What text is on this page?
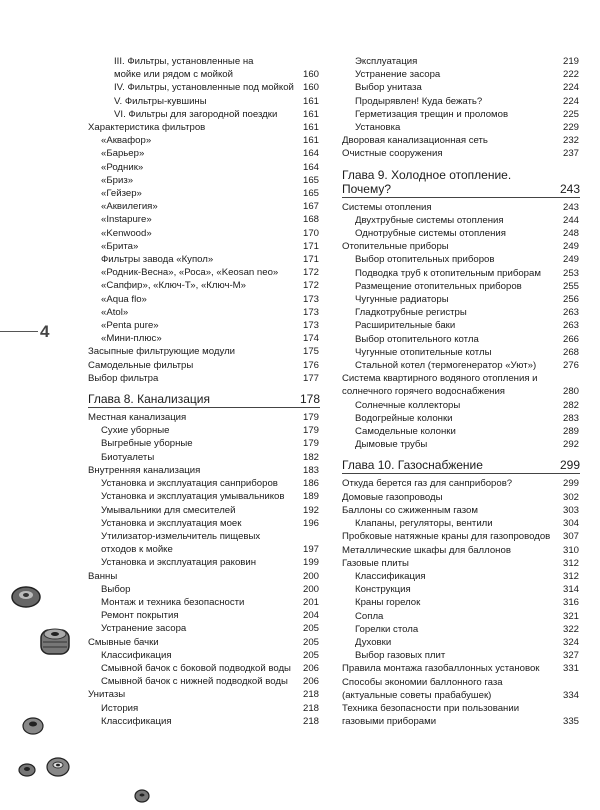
4
III. Фильтры, установленные на мойке или рядом с мойкой	160
IV. Фильтры, установленные под мойкой 160
V. Фильтры-кувшины	161
VI. Фильтры для загородной поездки	161
Характеристика фильтров	161
«Аквафор»	161
«Барьер»	164
«Родник»	164
«Бриз»	165
«Гейзер»	165
«Аквилегия»	167
«Instapure»	168
«Kenwood»	170
«Брита»	171
Фильтры завода «Купол»	171
«Родник-Весна», «Роса», «Keosan neo»	172
«Сапфир», «Ключ-Т», «Ключ-М»	172
«Aqua flo»	173
«Atol»	173
«Penta pure»	173
«Мини-плюс»	174
Засыпные фильтрующие модули	175
Самодельные фильтры	176
Выбор фильтра	177
Глава 8. Канализация	178
Местная канализация	179
Сухие уборные	179
Выгребные уборные	179
Биотуалеты	182
Внутренняя канализация	183
Установка и эксплуатация санприборов	186
Установка и эксплуатация умывальников	189
Умывальники для смесителей	192
Установка и эксплуатация моек	196
Утилизатор-измельчитель пищевых отходов к мойке	197
Установка и эксплуатация раковин	199
Ванны	200
Выбор	200
Монтаж и техника безопасности	201
Ремонт покрытия	204
Устранение засора	205
Смывные бачки	205
Классификация	205
Смывной бачок с боковой подводкой воды	206
Смывной бачок с нижней подводкой воды	206
Унитазы	218
История	218
Классификация	218
Эксплуатация	219
Устранение засора	222
Выбор унитаза	224
Продырявлен! Куда бежать?	224
Герметизация трещин и проломов	225
Установка	229
Дворовая канализационная сеть	232
Очистные сооружения	237
Глава 9. Холодное отопление. Почему?	243
Системы отопления	243
Двухтрубные системы отопления	244
Однотрубные системы отопления	248
Отопительные приборы	249
Выбор отопительных приборов	249
Подводка труб к отопительным приборам	253
Размещение отопительных приборов	255
Чугунные радиаторы	256
Гладкотрубные регистры	263
Расширительные баки	263
Выбор отопительного котла	266
Чугунные отопительные котлы	268
Стальной котел (термогенератор «Уют»)	276
Система квартирного водяного отопления и солнечного горячего водоснабжения	280
Солнечные коллекторы	282
Водогрейные колонки	283
Самодельные колонки	289
Дымовые трубы	292
Глава 10. Газоснабжение	299
Откуда берется газ для санприборов?	299
Домовые газопроводы	302
Баллоны со сжиженным газом	303
Клапаны, регуляторы, вентили	304
Пробковые натяжные краны для газопроводов	307
Металлические шкафы для баллонов	310
Газовые плиты	312
Классификация	312
Конструкция	314
Краны горелок	316
Сопла	321
Горелки стола	322
Духовки	324
Выбор газовых плит	327
Правила монтажа газобаллонных установок	331
Способы экономии баллонного газа (актуальные советы прабабушек)	334
Техника безопасности при пользовании газовыми приборами	335
